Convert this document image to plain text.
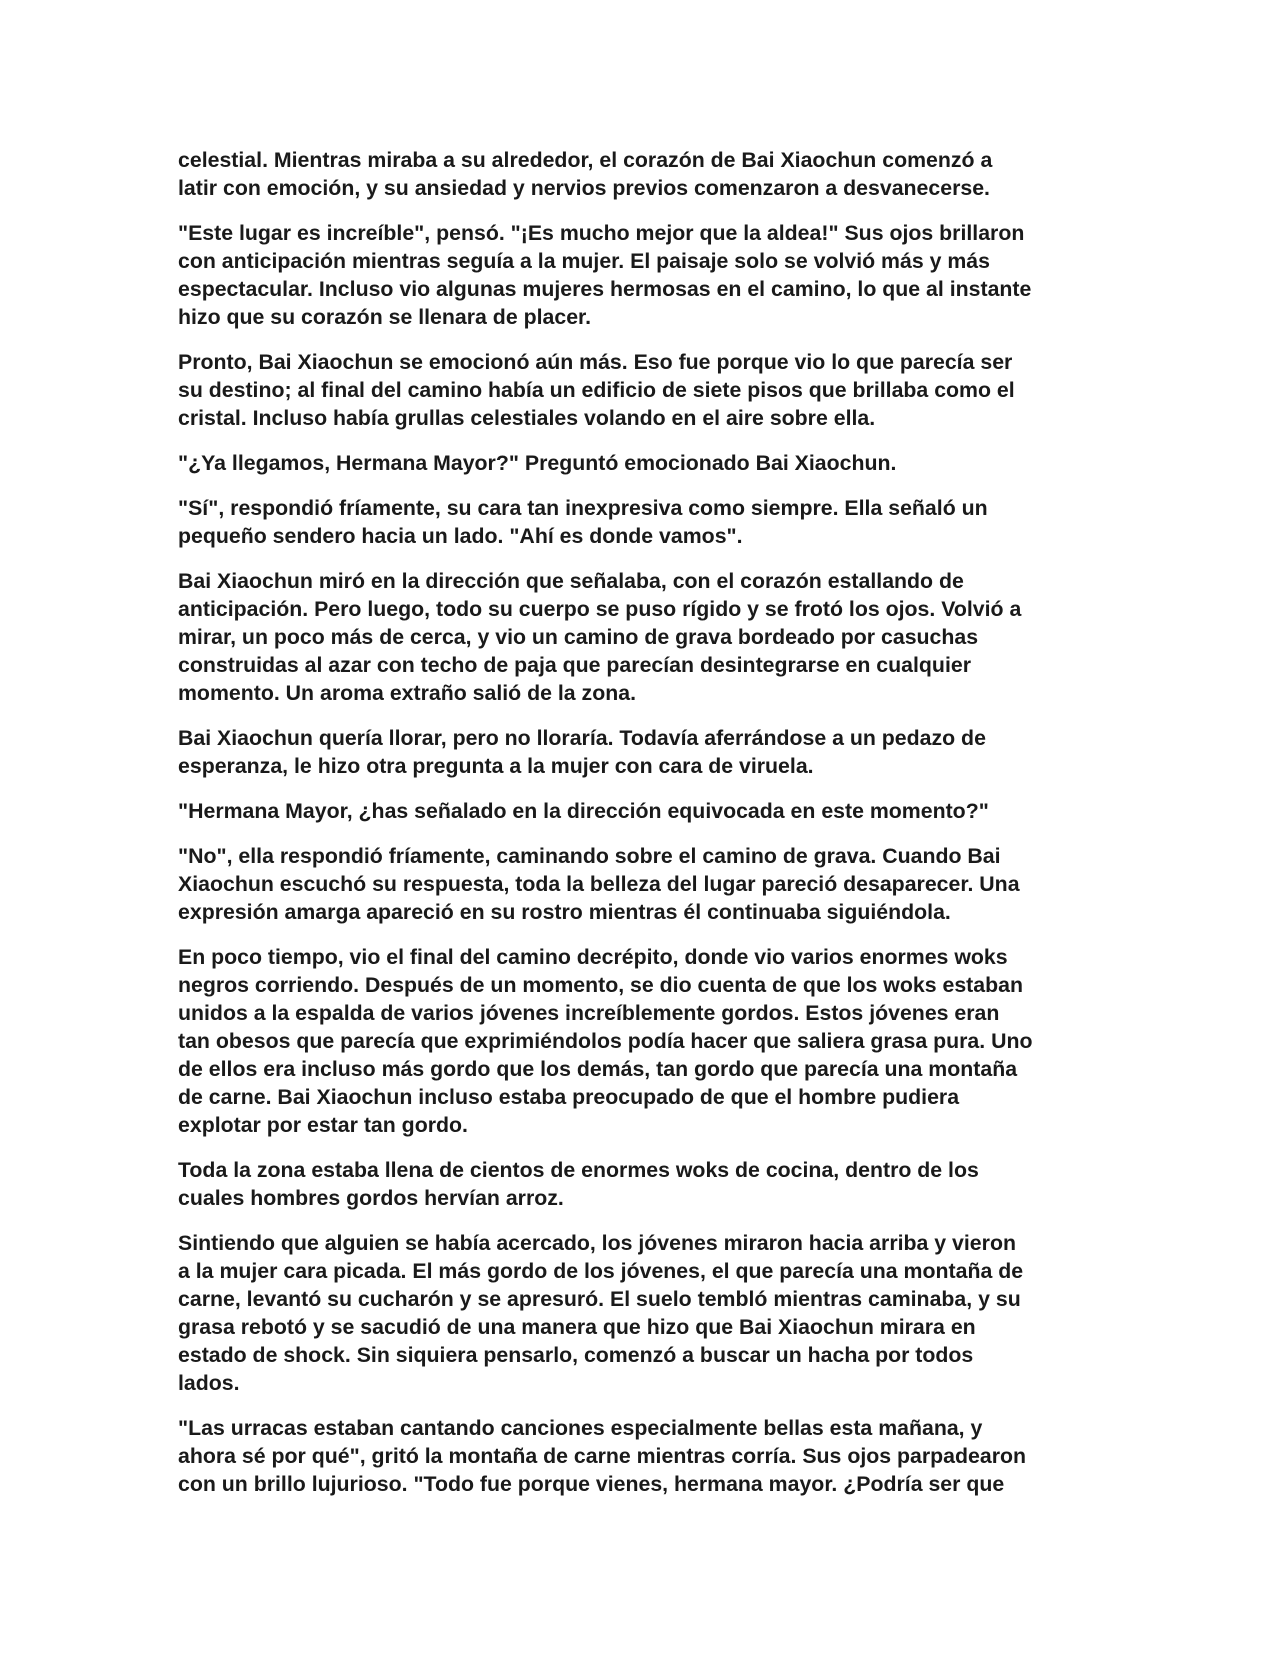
celestial. Mientras miraba a su alrededor, el corazón de Bai Xiaochun comenzó a
latir con emoción, y su ansiedad y nervios previos comenzaron a desvanecerse.

"Este lugar es increíble", pensó. "¡Es mucho mejor que la aldea!" Sus ojos brillaron
con anticipación mientras seguía a la mujer. El paisaje solo se volvió más y más
espectacular. Incluso vio algunas mujeres hermosas en el camino, lo que al instante
hizo que su corazón se llenara de placer.

Pronto, Bai Xiaochun se emocionó aún más. Eso fue porque vio lo que parecía ser
su destino; al final del camino había un edificio de siete pisos que brillaba como el
cristal. Incluso había grullas celestiales volando en el aire sobre ella.

"¿Ya llegamos, Hermana Mayor?" Preguntó emocionado Bai Xiaochun.

"Sí", respondió fríamente, su cara tan inexpresiva como siempre. Ella señaló un
pequeño sendero hacia un lado. "Ahí es donde vamos".

Bai Xiaochun miró en la dirección que señalaba, con el corazón estallando de
anticipación. Pero luego, todo su cuerpo se puso rígido y se frotó los ojos. Volvió a
mirar, un poco más de cerca, y vio un camino de grava bordeado por casuchas
construidas al azar con techo de paja que parecían desintegrarse en cualquier
momento. Un aroma extraño salió de la zona.

Bai Xiaochun quería llorar, pero no lloraría. Todavía aferrándose a un pedazo de
esperanza, le hizo otra pregunta a la mujer con cara de viruela.

"Hermana Mayor, ¿has señalado en la dirección equivocada en este momento?"

"No", ella respondió fríamente, caminando sobre el camino de grava. Cuando Bai
Xiaochun escuchó su respuesta, toda la belleza del lugar pareció desaparecer. Una
expresión amarga apareció en su rostro mientras él continuaba siguiéndola.

En poco tiempo, vio el final del camino decrépito, donde vio varios enormes woks
negros corriendo. Después de un momento, se dio cuenta de que los woks estaban
unidos a la espalda de varios jóvenes increíblemente gordos. Estos jóvenes eran
tan obesos que parecía que exprimiéndolos podía hacer que saliera grasa pura. Uno
de ellos era incluso más gordo que los demás, tan gordo que parecía una montaña
de carne. Bai Xiaochun incluso estaba preocupado de que el hombre pudiera
explotar por estar tan gordo.

Toda la zona estaba llena de cientos de enormes woks de cocina, dentro de los
cuales hombres gordos hervían arroz.

Sintiendo que alguien se había acercado, los jóvenes miraron hacia arriba y vieron
a la mujer cara picada. El más gordo de los jóvenes, el que parecía una montaña de
carne, levantó su cucharón y se apresuró. El suelo tembló mientras caminaba, y su
grasa rebotó y se sacudió de una manera que hizo que Bai Xiaochun mirara en
estado de shock. Sin siquiera pensarlo, comenzó a buscar un hacha por todos
lados.

"Las urracas estaban cantando canciones especialmente bellas esta mañana, y
ahora sé por qué", gritó la montaña de carne mientras corría. Sus ojos parpadearon
con un brillo lujurioso. "Todo fue porque vienes, hermana mayor. ¿Podría ser que
